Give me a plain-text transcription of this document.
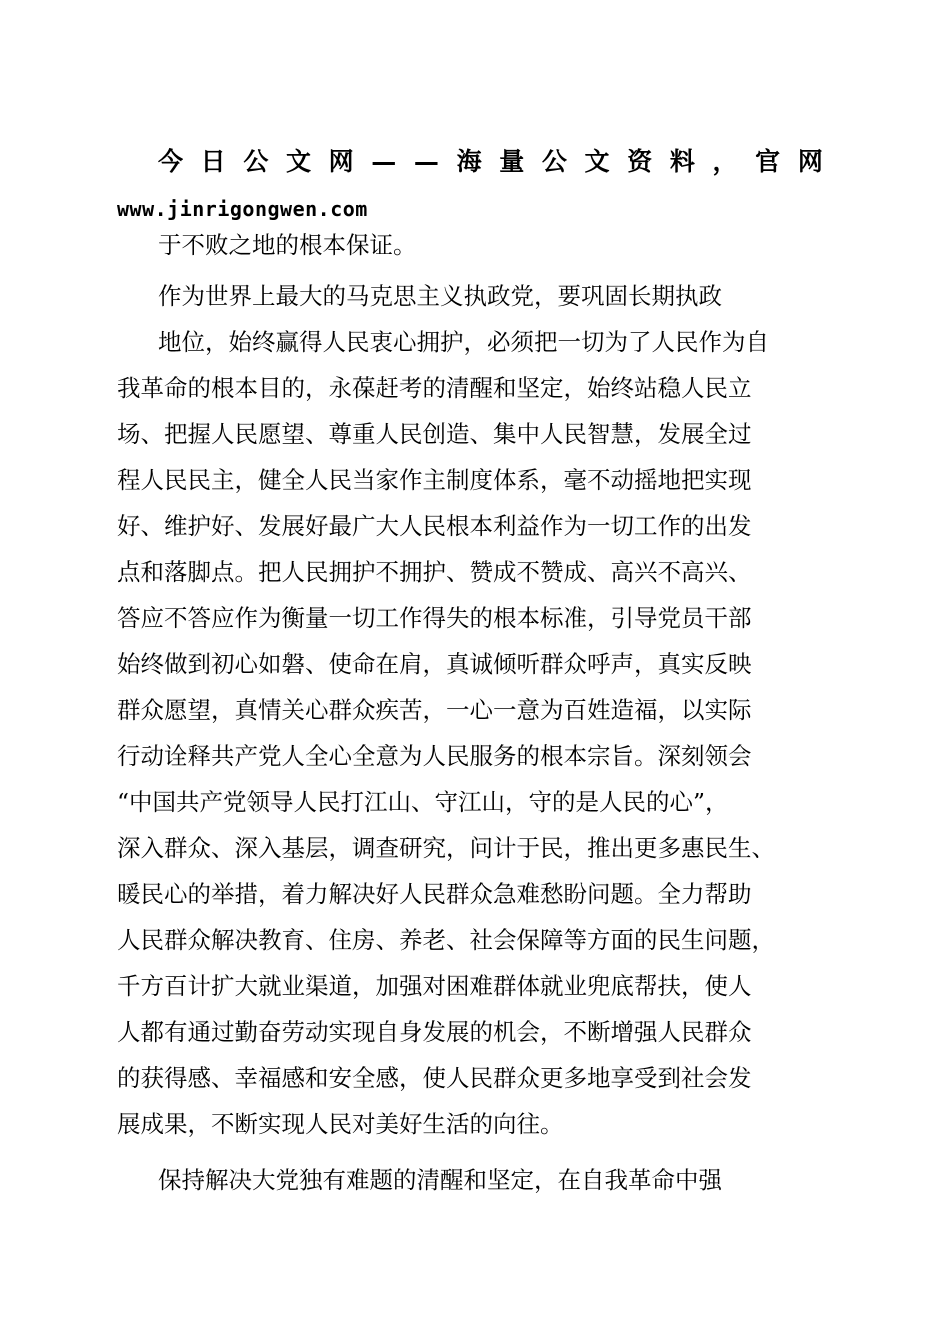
今 日 公 文 网 — — 海 量 公 文 资 料 ， 官 网
www.jinrigongwen.com
于不败之地的根本保证。
作为世界上最大的马克思主义执政党，要巩固长期执政
地位，始终赢得人民衷心拥护，必须把一切为了人民作为自
我革命的根本目的，永葆赶考的清醒和坚定，始终站稳人民立
场、把握人民愿望、尊重人民创造、集中人民智慧，发展全过
程人民民主，健全人民当家作主制度体系，毫不动摇地把实现
好、维护好、发展好最广大人民根本利益作为一切工作的出发
点和落脚点。把人民拥护不拥护、赞成不赞成、高兴不高兴、
答应不答应作为衡量一切工作得失的根本标准，引导党员干部
始终做到初心如磐、使命在肩，真诚倾听群众呼声，真实反映
群众愿望，真情关心群众疾苦，一心一意为百姓造福，以实际
行动诠释共产党人全心全意为人民服务的根本宗旨。深刻领会
“中国共产党领导人民打江山、守江山，守的是人民的心”，
深入群众、深入基层，调查研究，问计于民，推出更多惠民生、
暖民心的举措，着力解决好人民群众急难愁盼问题。全力帮助
人民群众解决教育、住房、养老、社会保障等方面的民生问题，
千方百计扩大就业渠道，加强对困难群体就业兜底帮扶，使人
人都有通过勤奋劳动实现自身发展的机会，不断增强人民群众
的获得感、幸福感和安全感，使人民群众更多地享受到社会发
展成果，不断实现人民对美好生活的向往。
保持解决大党独有难题的清醒和坚定，在自我革命中强
